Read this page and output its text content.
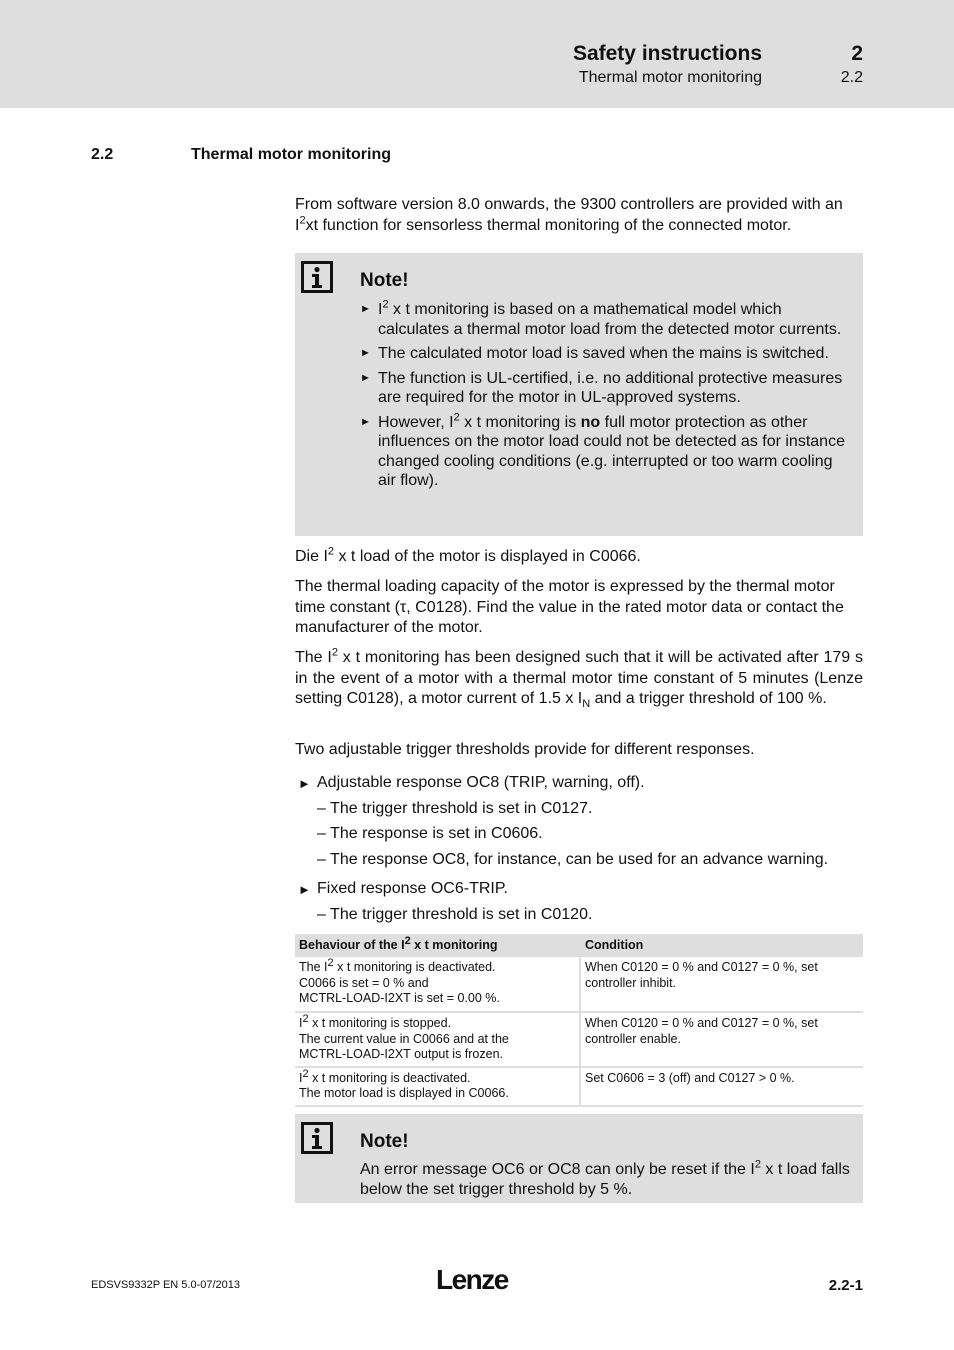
Safety instructions	2
Thermal motor monitoring	2.2
2.2	Thermal motor monitoring

From software version 8.0 onwards, the 9300 controllers are provided with an $I^2xt$ function for sensorless thermal monitoring of the connected motor.

Note!
► $I^2$ x t monitoring is based on a mathematical model which calculates a thermal motor load from the detected motor currents.
► The calculated motor load is saved when the mains is switched.
► The function is UL-certified, i.e. no additional protective measures are required for the motor in UL-approved systems.
► However, $I^2$ x t monitoring is no full motor protection as other influences on the motor load could not be detected as for instance changed cooling conditions (e.g. interrupted or too warm cooling air flow).

Die $I^2$ x t load of the motor is displayed in C0066.

The thermal loading capacity of the motor is expressed by the thermal motor time constant (τ, C0128). Find the value in the rated motor data or contact the manufacturer of the motor.

The $I^2$ x t monitoring has been designed such that it will be activated after 179 s in the event of a motor with a thermal motor time constant of 5 minutes (Lenze setting C0128), a motor current of 1.5 x $I_N$ and a trigger threshold of 100 %.

Two adjustable trigger thresholds provide for different responses.

► Adjustable response OC8 (TRIP, warning, off).
– The trigger threshold is set in C0127.
– The response is set in C0606.
– The response OC8, for instance, can be used for an advance warning.
► Fixed response OC6-TRIP.
– The trigger threshold is set in C0120.
Behaviour of the $I^2$ x t monitoring	Condition

The $I^2$ x t monitoring is deactivated.
C0066 is set = 0 % and
MCTRL-LOAD-I2XT is set = 0.00 %.	When C0120 = 0 % and C0127 = 0 %, set controller inhibit.

$I^2$ x t monitoring is stopped.
The current value in C0066 and at the
MCTRL-LOAD-I2XT output is frozen.	When C0120 = 0 % and C0127 = 0 %, set controller enable.

$I^2$ x t monitoring is deactivated.
The motor load is displayed in C0066.	Set C0606 = 3 (off) and C0127 > 0 %.
Note!
An error message OC6 or OC8 can only be reset if the $I^2$ x t load falls below the set trigger threshold by 5 %.
EDSVS9332P EN 5.0-07/2013	Lenze	2.2-1
